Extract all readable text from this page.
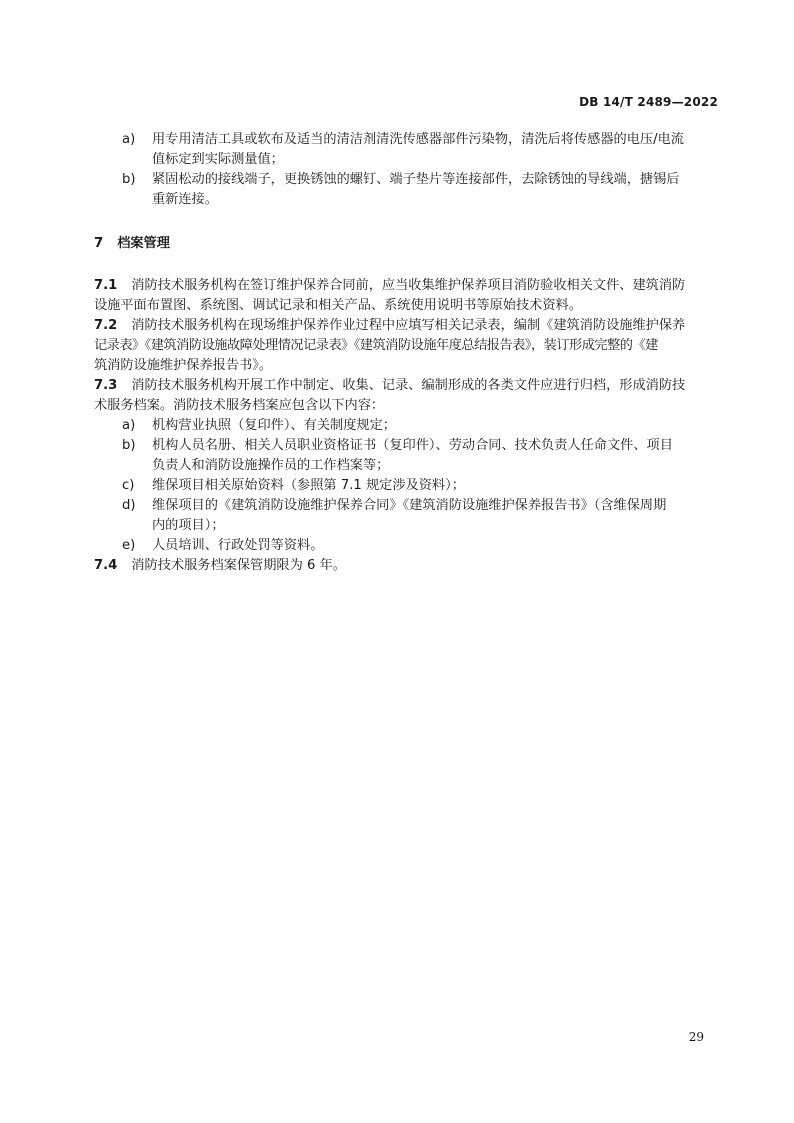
DB 14/T 2489—2022
a) 用专用清洁工具或软布及适当的清洁剂清洗传感器部件污染物，清洗后将传感器的电压/电流
值标定到实际测量值；
b) 紧固松动的接线端子，更换锈蚀的螺钉、端子垫片等连接部件，去除锈蚀的导线端，搪锡后
重新连接。
7 档案管理
7.1 消防技术服务机构在签订维护保养合同前，应当收集维护保养项目消防验收相关文件、建筑消防
设施平面布置图、系统图、调试记录和相关产品、系统使用说明书等原始技术资料。
7.2 消防技术服务机构在现场维护保养作业过程中应填写相关记录表，编制《建筑消防设施维护保养
记录表》《建筑消防设施故障处理情况记录表》《建筑消防设施年度总结报告表》，装订形成完整的《建
筑消防设施维护保养报告书》。
7.3 消防技术服务机构开展工作中制定、收集、记录、编制形成的各类文件应进行归档，形成消防技
术服务档案。消防技术服务档案应包含以下内容：
a) 机构营业执照（复印件）、有关制度规定；
b) 机构人员名册、相关人员职业资格证书（复印件）、劳动合同、技术负责人任命文件、项目
负责人和消防设施操作员的工作档案等；
c) 维保项目相关原始资料（参照第 7.1 规定涉及资料）；
d) 维保项目的《建筑消防设施维护保养合同》《建筑消防设施维护保养报告书》（含维保周期
内的项目）；
e) 人员培训、行政处罚等资料。
7.4 消防技术服务档案保管期限为 6 年。
29
